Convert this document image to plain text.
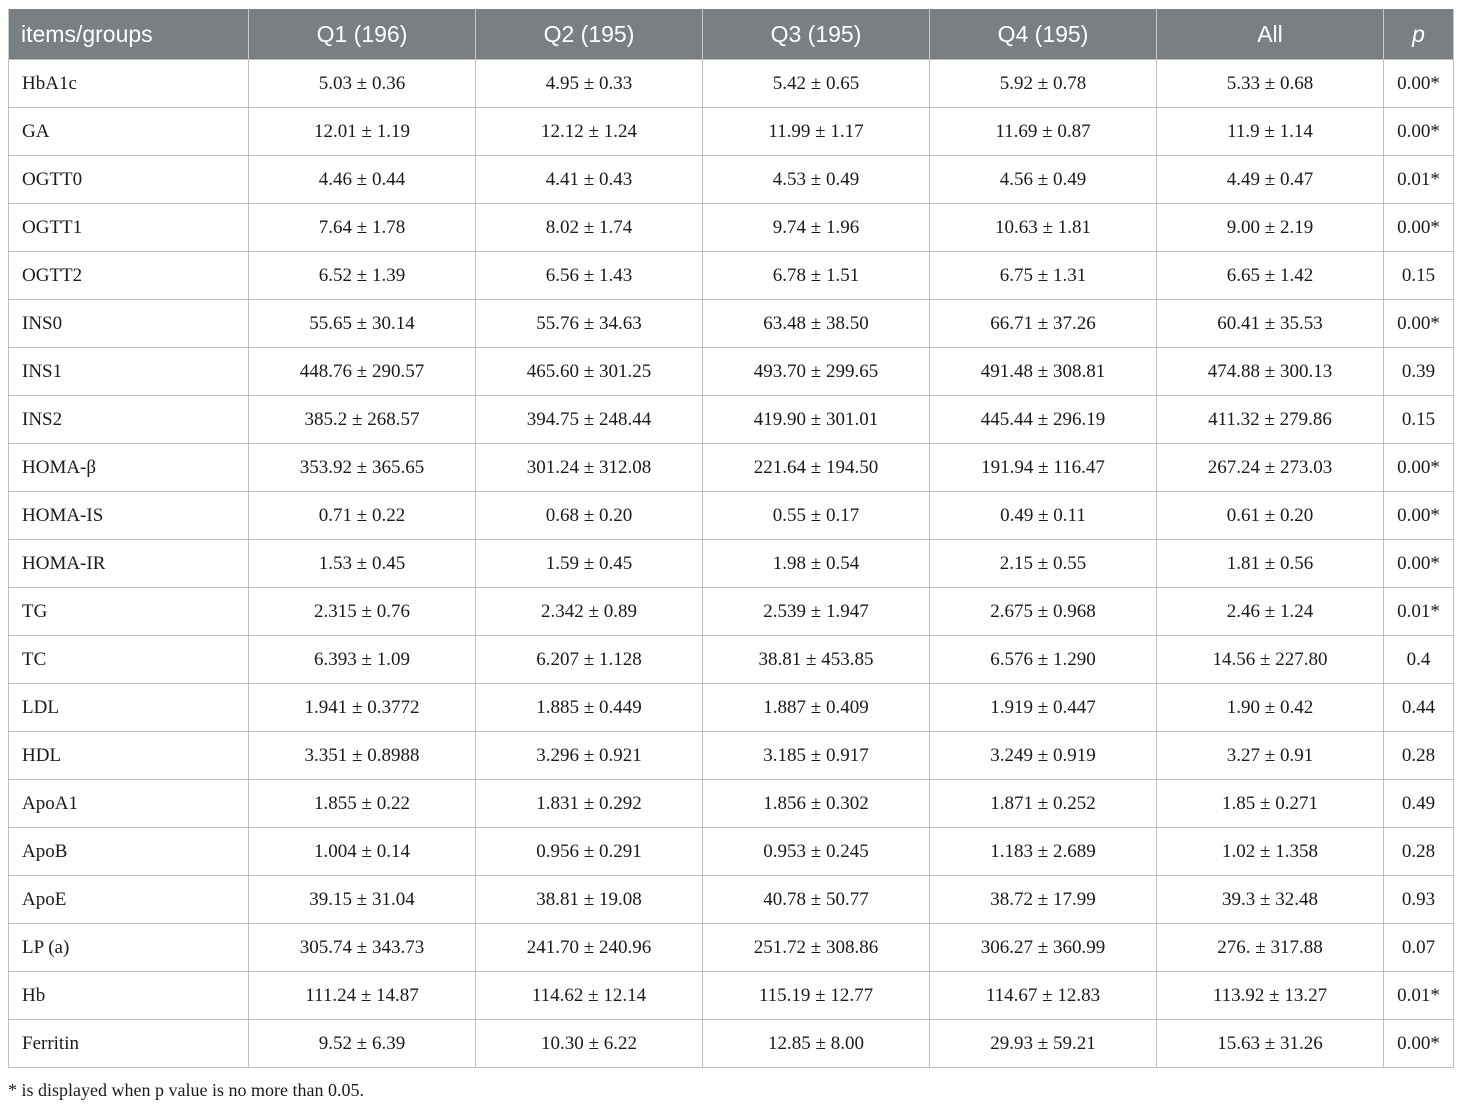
items/groups	Q1 (196)	Q2 (195)	Q3 (195)	Q4 (195)	All	p
HbA1c	5.03 ± 0.36	4.95 ± 0.33	5.42 ± 0.65	5.92 ± 0.78	5.33 ± 0.68	0.00*
GA	12.01 ± 1.19	12.12 ± 1.24	11.99 ± 1.17	11.69 ± 0.87	11.9 ± 1.14	0.00*
OGTT0	4.46 ± 0.44	4.41 ± 0.43	4.53 ± 0.49	4.56 ± 0.49	4.49 ± 0.47	0.01*
OGTT1	7.64 ± 1.78	8.02 ± 1.74	9.74 ± 1.96	10.63 ± 1.81	9.00 ± 2.19	0.00*
OGTT2	6.52 ± 1.39	6.56 ± 1.43	6.78 ± 1.51	6.75 ± 1.31	6.65 ± 1.42	0.15
INS0	55.65 ± 30.14	55.76 ± 34.63	63.48 ± 38.50	66.71 ± 37.26	60.41 ± 35.53	0.00*
INS1	448.76 ± 290.57	465.60 ± 301.25	493.70 ± 299.65	491.48 ± 308.81	474.88 ± 300.13	0.39
INS2	385.2 ± 268.57	394.75 ± 248.44	419.90 ± 301.01	445.44 ± 296.19	411.32 ± 279.86	0.15
HOMA-β	353.92 ± 365.65	301.24 ± 312.08	221.64 ± 194.50	191.94 ± 116.47	267.24 ± 273.03	0.00*
HOMA-IS	0.71 ± 0.22	0.68 ± 0.20	0.55 ± 0.17	0.49 ± 0.11	0.61 ± 0.20	0.00*
HOMA-IR	1.53 ± 0.45	1.59 ± 0.45	1.98 ± 0.54	2.15 ± 0.55	1.81 ± 0.56	0.00*
TG	2.315 ± 0.76	2.342 ± 0.89	2.539 ± 1.947	2.675 ± 0.968	2.46 ± 1.24	0.01*
TC	6.393 ± 1.09	6.207 ± 1.128	38.81 ± 453.85	6.576 ± 1.290	14.56 ± 227.80	0.4
LDL	1.941 ± 0.3772	1.885 ± 0.449	1.887 ± 0.409	1.919 ± 0.447	1.90 ± 0.42	0.44
HDL	3.351 ± 0.8988	3.296 ± 0.921	3.185 ± 0.917	3.249 ± 0.919	3.27 ± 0.91	0.28
ApoA1	1.855 ± 0.22	1.831 ± 0.292	1.856 ± 0.302	1.871 ± 0.252	1.85 ± 0.271	0.49
ApoB	1.004 ± 0.14	0.956 ± 0.291	0.953 ± 0.245	1.183 ± 2.689	1.02 ± 1.358	0.28
ApoE	39.15 ± 31.04	38.81 ± 19.08	40.78 ± 50.77	38.72 ± 17.99	39.3 ± 32.48	0.93
LP (a)	305.74 ± 343.73	241.70 ± 240.96	251.72 ± 308.86	306.27 ± 360.99	276. ± 317.88	0.07
Hb	111.24 ± 14.87	114.62 ± 12.14	115.19 ± 12.77	114.67 ± 12.83	113.92 ± 13.27	0.01*
Ferritin	9.52 ± 6.39	10.30 ± 6.22	12.85 ± 8.00	29.93 ± 59.21	15.63 ± 31.26	0.00*
* is displayed when p value is no more than 0.05.
